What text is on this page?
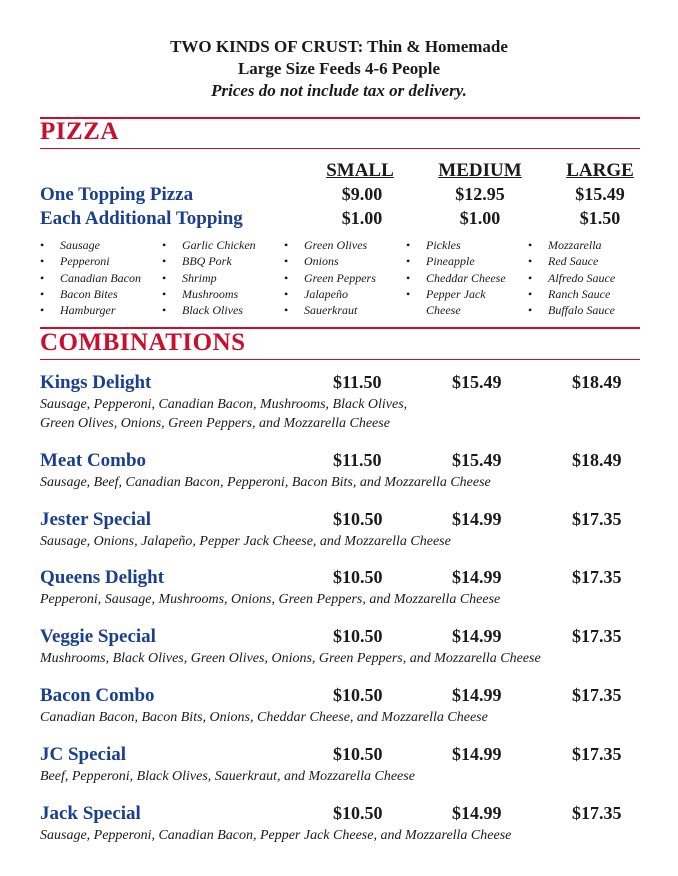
TWO KINDS OF CRUST: Thin & Homemade
Large Size Feeds 4-6 People
Prices do not include tax or delivery.
PIZZA
SMALL	MEDIUM	LARGE
One Topping Pizza	$9.00	$12.95	$15.49
Each Additional Topping	$1.00	$1.00	$1.50
• Sausage
• Pepperoni
• Canadian Bacon
• Bacon Bites
• Hamburger
• Garlic Chicken
• BBQ Pork
• Shrimp
• Mushrooms
• Black Olives
• Green Olives
• Onions
• Green Peppers
• Jalapeño
• Sauerkraut
• Pickles
• Pineapple
• Cheddar Cheese
• Pepper Jack
Cheese
• Mozzarella
• Red Sauce
• Alfredo Sauce
• Ranch Sauce
• Buffalo Sauce
COMBINATIONS
Kings Delight	$11.50	$15.49	$18.49
Sausage, Pepperoni, Canadian Bacon, Mushrooms, Black Olives,
Green Olives, Onions, Green Peppers, and Mozzarella Cheese
Meat Combo	$11.50	$15.49	$18.49
Sausage, Beef, Canadian Bacon, Pepperoni, Bacon Bits, and Mozzarella Cheese
Jester Special	$10.50	$14.99	$17.35
Sausage, Onions, Jalapeño, Pepper Jack Cheese, and Mozzarella Cheese
Queens Delight	$10.50	$14.99	$17.35
Pepperoni, Sausage, Mushrooms, Onions, Green Peppers, and Mozzarella Cheese
Veggie Special	$10.50	$14.99	$17.35
Mushrooms, Black Olives, Green Olives, Onions, Green Peppers, and Mozzarella Cheese
Bacon Combo	$10.50	$14.99	$17.35
Canadian Bacon, Bacon Bits, Onions, Cheddar Cheese, and Mozzarella Cheese
JC Special	$10.50	$14.99	$17.35
Beef, Pepperoni, Black Olives, Sauerkraut, and Mozzarella Cheese
Jack Special	$10.50	$14.99	$17.35
Sausage, Pepperoni, Canadian Bacon, Pepper Jack Cheese, and Mozzarella Cheese
